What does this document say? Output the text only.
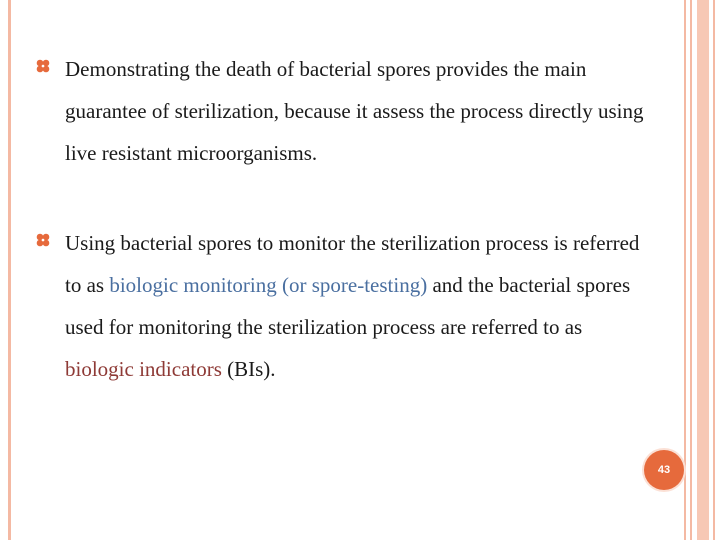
Demonstrating the death of bacterial spores provides the main guarantee of sterilization, because it assess the process directly using live resistant microorganisms.

Using bacterial spores to monitor the sterilization process is referred to as biologic monitoring (or spore-testing) and the bacterial spores used for monitoring the sterilization process are referred to as biologic indicators (BIs).

43
